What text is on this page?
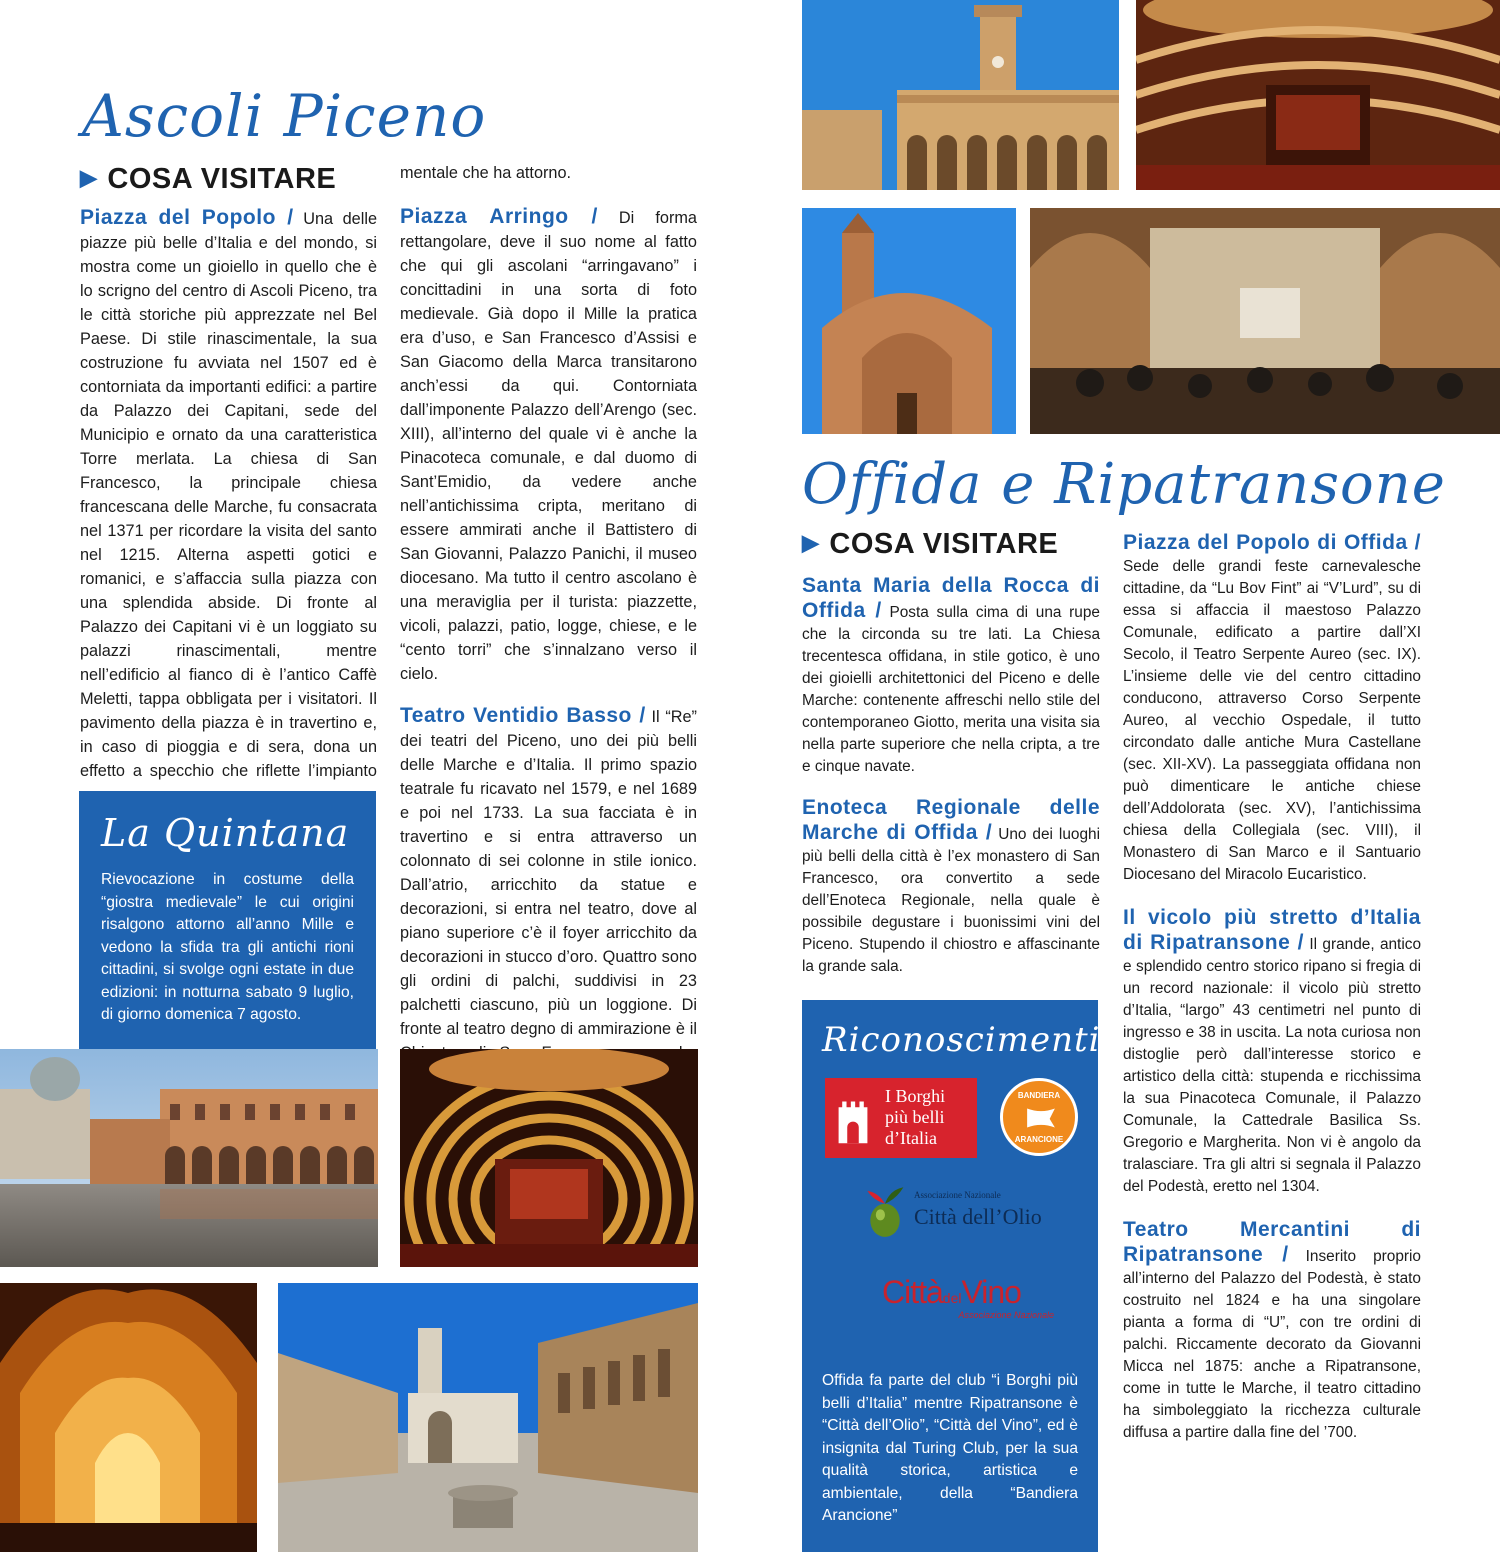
Ascoli Piceno
▶ COSA VISITARE

Piazza del Popolo / Una delle piazze più belle d’Italia e del mondo, si mostra come un gioiello in quello che è lo scrigno del centro di Ascoli Piceno, tra le città storiche più apprezzate nel Bel Paese. Di stile rinascimentale, la sua costruzione fu avviata nel 1507 ed è contorniata da importanti edifici: a partire da Palazzo dei Capitani, sede del Municipio e ornato da una caratteristica Torre merlata. La chiesa di San Francesco, la principale chiesa francescana delle Marche, fu consacrata nel 1371 per ricordare la visita del santo nel 1215. Alterna aspetti gotici e romanici, e s’affaccia sulla piazza con una splendida abside. Di fronte al Palazzo dei Capitani vi è un loggiato su palazzi rinascimentali, mentre nell’edificio al fianco di è l’antico Caffè Meletti, tappa obbligata per i visitatori. Il pavimento della piazza è in travertino e, in caso di pioggia e di sera, dona un effetto a specchio che riflette l’impianto

mentale che ha attorno.

Piazza Arringo / Di forma rettangolare, deve il suo nome al fatto che qui gli ascolani “arringavano” i concittadini in una sorta di foto medievale. Già dopo il Mille la pratica era d’uso, e San Francesco d’Assisi e San Giacomo della Marca transitarono anch’essi da qui. Contorniata dall’imponente Palazzo dell’Arengo (sec. XIII), all’interno del quale vi è anche la Pinacoteca comunale, e dal duomo di Sant’Emidio, da vedere anche nell’antichissima cripta, meritano di essere ammirati anche il Battistero di San Giovanni, Palazzo Panichi, il museo diocesano. Ma tutto il centro ascolano è una meraviglia per il turista: piazzette, vicoli, palazzi, patio, logge, chiese, e le “cento torri” che s’innalzano verso il cielo.

Teatro Ventidio Basso / Il “Re” dei teatri del Piceno, uno dei più belli delle Marche e d’Italia. Il primo spazio teatrale fu ricavato nel 1579, e nel 1689 e poi nel 1733. La sua facciata è in travertino e si entra attraverso un colonnato di sei colonne in stile ionico. Dall’atrio, arricchito da statue e decorazioni, si entra nel teatro, dove al piano superiore c’è il foyer arricchito da decorazioni in stucco d’oro. Quattro sono gli ordini di palchi, suddivisi in 23 palchetti ciascuno, più un loggione. Di fronte al teatro degno di ammirazione è il

La Quintana

Rievocazione in costume della “giostra medievale” le cui origini risalgono attorno all’anno Mille e vedono la sfida tra gli antichi rioni cittadini, si svolge ogni estate in due edizioni: in notturna sabato 9 luglio, di giorno domenica 7 agosto.

Offida e Ripatransone
▶ COSA VISITARE

Santa Maria della Rocca di Offida / Posta sulla cima di una rupe che la circonda su tre lati. La Chiesa trecentesca offidana, in stile gotico, è uno dei gioielli architettonici del Piceno e delle Marche: contenente affreschi nello stile del contemporaneo Giotto, merita una visita sia nella parte superiore che nella cripta, a tre e cinque navate.

Enoteca Regionale delle Marche di Offida / Uno dei luoghi più belli della città è l’ex monastero di San Francesco, ora convertito a sede dell’Enoteca Regionale, nella quale è possibile degustare i buonissimi vini del Piceno. Stupendo il chiostro e affascinante la grande sala.

Riconoscimenti
I Borghi
più belli
d’Italia
BANDIERA
ARANCIONE
Associazione Nazionale
Città dell’Olio
CittàdelVino
Associazione Nazionale

Offida fa parte del club “i Borghi più belli d’Italia” mentre Ripatransone è “Città dell’Olio”, “Città del Vino”, ed è insignita dal Turing Club, per la sua qualità storica, artistica e ambientale, della “Bandiera Arancione”

Piazza del Popolo di Offida / Sede delle grandi feste carnevalesche cittadine, da “Lu Bov Fint” ai “V’Lurd”, su di essa si affaccia il maestoso Palazzo Comunale, edificato a partire dall’XI Secolo, il Teatro Serpente Aureo (sec. IX). L’insieme delle vie del centro cittadino conducono, attraverso Corso Serpente Aureo, al vecchio Ospedale, il tutto circondato dalle antiche Mura Castellane (sec. XII-XV). La passeggiata offidana non può dimenticare le antiche chiese dell’Addolorata (sec. XV), l’antichissima chiesa della Collegiala (sec. VIII), il Monastero di San Marco e il Santuario Diocesano del Miracolo Eucaristico.

Il vicolo più stretto d’Italia di Ripatransone / Il grande, antico e splendido centro storico ripano si fregia di un record nazionale: il vicolo più stretto d’Italia, “largo” 43 centimetri nel punto di ingresso e 38 in uscita. La nota curiosa non distoglie però dall’interesse storico e artistico della città: stupenda e ricchissima la sua Pinacoteca Comunale, il Palazzo Comunale, la Cattedrale Basilica Ss. Gregorio e Margherita. Non vi è angolo da tralasciare. Tra gli altri si segnala il Palazzo del Podestà, eretto nel 1304.

Teatro Mercantini di Ripatransone / Inserito proprio all’interno del Palazzo del Podestà, è stato costruito nel 1824 e ha una singolare pianta a forma di “U”, con tre ordini di palchi. Riccamente decorato da Giovanni Micca nel 1875: anche a Ripatransone, come in tutte le Marche, il teatro cittadino ha simboleggiato la ricchezza culturale diffusa a partire dalla fine del ’700.
